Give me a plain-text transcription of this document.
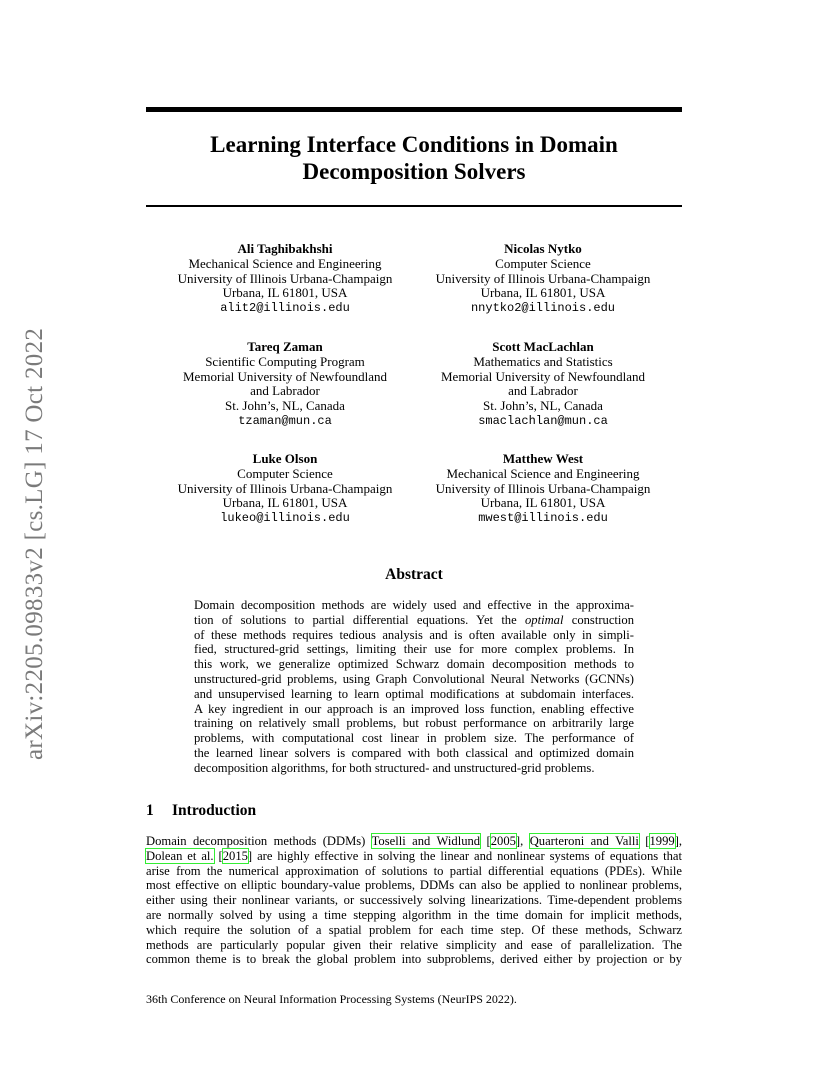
arXiv:2205.09833v2 [cs.LG] 17 Oct 2022
Learning Interface Conditions in Domain
Decomposition Solvers
Ali Taghibakhshi
Mechanical Science and Engineering
University of Illinois Urbana-Champaign
Urbana, IL 61801, USA
alit2@illinois.edu
Nicolas Nytko
Computer Science
University of Illinois Urbana-Champaign
Urbana, IL 61801, USA
nnytko2@illinois.edu
Tareq Zaman
Scientific Computing Program
Memorial University of Newfoundland
and Labrador
St. John’s, NL, Canada
tzaman@mun.ca
Scott MacLachlan
Mathematics and Statistics
Memorial University of Newfoundland
and Labrador
St. John’s, NL, Canada
smaclachlan@mun.ca
Luke Olson
Computer Science
University of Illinois Urbana-Champaign
Urbana, IL 61801, USA
lukeo@illinois.edu
Matthew West
Mechanical Science and Engineering
University of Illinois Urbana-Champaign
Urbana, IL 61801, USA
mwest@illinois.edu
Abstract
Domain decomposition methods are widely used and effective in the approxima-
tion of solutions to partial differential equations. Yet the optimal construction
of these methods requires tedious analysis and is often available only in simpli-
fied, structured-grid settings, limiting their use for more complex problems. In
this work, we generalize optimized Schwarz domain decomposition methods to
unstructured-grid problems, using Graph Convolutional Neural Networks (GCNNs)
and unsupervised learning to learn optimal modifications at subdomain interfaces.
A key ingredient in our approach is an improved loss function, enabling effective
training on relatively small problems, but robust performance on arbitrarily large
problems, with computational cost linear in problem size. The performance of
the learned linear solvers is compared with both classical and optimized domain
decomposition algorithms, for both structured- and unstructured-grid problems.
1 Introduction
Domain decomposition methods (DDMs) Toselli and Widlund [2005], Quarteroni and Valli [1999],
Dolean et al. [2015] are highly effective in solving the linear and nonlinear systems of equations that
arise from the numerical approximation of solutions to partial differential equations (PDEs). While
most effective on elliptic boundary-value problems, DDMs can also be applied to nonlinear problems,
either using their nonlinear variants, or successively solving linearizations. Time-dependent problems
are normally solved by using a time stepping algorithm in the time domain for implicit methods,
which require the solution of a spatial problem for each time step. Of these methods, Schwarz
methods are particularly popular given their relative simplicity and ease of parallelization. The
common theme is to break the global problem into subproblems, derived either by projection or by
36th Conference on Neural Information Processing Systems (NeurIPS 2022).
